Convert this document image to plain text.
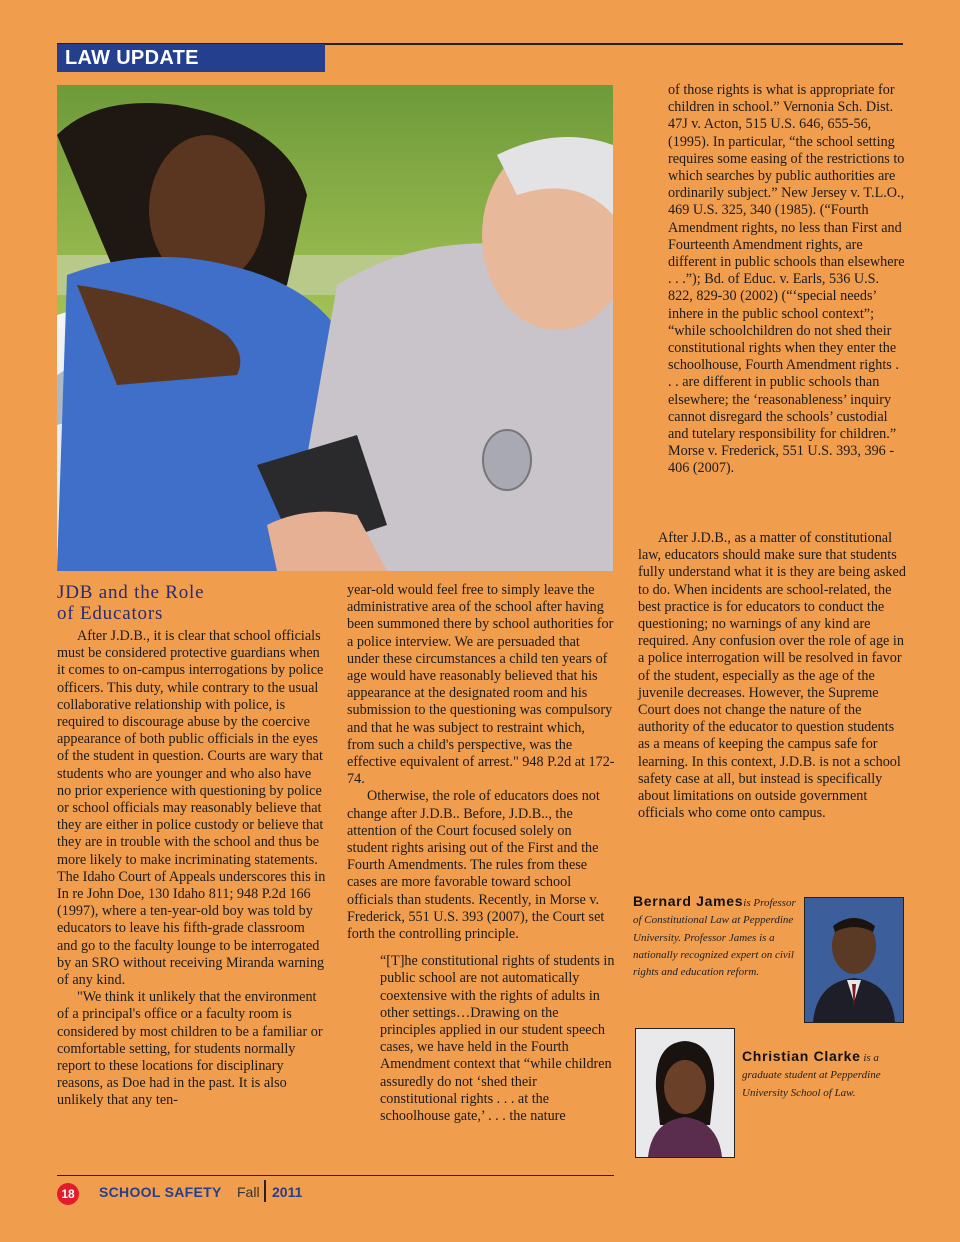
LAW UPDATE

of those rights is what is appropriate for children in school.” Vernonia Sch. Dist. 47J v. Acton, 515 U.S. 646, 655-56, (1995). In particular, “the school setting requires some easing of the restrictions to which searches by public authorities are ordinarily subject.” New Jersey v. T.L.O., 469 U.S. 325, 340 (1985). (“Fourth Amendment rights, no less than First and Fourteenth Amendment rights, are different in public schools than elsewhere . . .”); Bd. of Educ. v. Earls, 536 U.S. 822, 829-30 (2002) (“‘special needs’ inhere in the public school context”; “while schoolchildren do not shed their constitutional rights when they enter the schoolhouse, Fourth Amendment rights . . . are different in public schools than elsewhere; the ‘reasonableness’ inquiry cannot disregard the schools’ custodial and tutelary responsibility for children.” Morse v. Frederick, 551 U.S. 393, 396 - 406 (2007).

JDB and the Role
of Educators

After J.D.B., it is clear that school officials must be considered protective guardians when it comes to on-campus interrogations by police officers. This duty, while contrary to the usual collaborative relationship with police, is required to discourage abuse by the coercive appearance of both public officials in the eyes of the student in question. Courts are wary that students who are younger and who also have no prior experience with questioning by police or school officials may reasonably believe that they are either in police custody or believe that they are in trouble with the school and thus be more likely to make incriminating statements. The Idaho Court of Appeals underscores this in In re John Doe, 130 Idaho 811; 948 P.2d 166 (1997), where a ten-year-old boy was told by educators to leave his fifth-grade classroom and go to the faculty lounge to be interrogated by an SRO without receiving Miranda warning of any kind.

"We think it unlikely that the environment of a principal's office or a faculty room is considered by most children to be a familiar or comfortable setting, for students normally report to these locations for disciplinary reasons, as Doe had in the past. It is also unlikely that any ten-

year-old would feel free to simply leave the administrative area of the school after having been summoned there by school authorities for a police interview. We are persuaded that under these circumstances a child ten years of age would have reasonably believed that his appearance at the designated room and his submission to the questioning was compulsory and that he was subject to restraint which, from such a child's perspective, was the effective equivalent of arrest." 948 P.2d at 172-74.

Otherwise, the role of educators does not change after J.D.B.. Before, J.D.B.., the attention of the Court focused solely on student rights arising out of the First and the Fourth Amendments. The rules from these cases are more favorable toward school officials than students. Recently, in Morse v. Frederick, 551 U.S. 393 (2007), the Court set forth the controlling principle.

“[T]he constitutional rights of students in public school are not automatically coextensive with the rights of adults in other settings…Drawing on the principles applied in our student speech cases, we have held in the Fourth Amendment context that “while children assuredly do not ‘shed their constitutional rights . . . at the schoolhouse gate,’ . . . the nature

After J.D.B., as a matter of constitutional law, educators should make sure that students fully understand what it is they are being asked to do. When incidents are school-related, the best practice is for educators to conduct the questioning; no warnings of any kind are required. Any confusion over the role of age in a police interrogation will be resolved in favor of the student, especially as the age of the juvenile decreases. However, the Supreme Court does not change the nature of the authority of the educator to question students as a means of keeping the campus safe for learning. In this context, J.D.B. is not a school safety case at all, but instead is specifically about limitations on outside government officials who come onto campus.

Bernard Jamesis Professor of Constitutional Law at Pepperdine University. Professor James is a nationally recognized expert on civil rights and education reform.
Christian Clarke is a graduate student at Pepperdine University School of Law.
18	SCHOOL SAFETY Fall 2011
